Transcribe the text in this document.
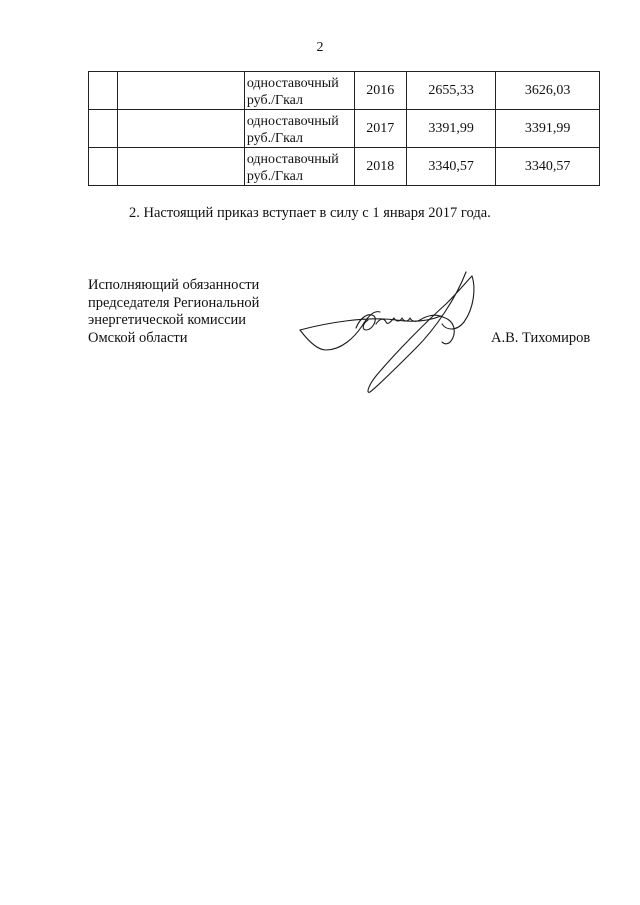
2

		одноставочный
руб./Гкал	2016	2655,33	3626,03

		одноставочный
руб./Гкал	2017	3391,99	3391,99

		одноставочный
руб./Гкал	2018	3340,57	3340,57
2. Настоящий приказ вступает в силу с 1 января 2017 года.
Исполняющий обязанности
председателя Региональной
энергетической комиссии
Омской области	А.В. Тихомиров
